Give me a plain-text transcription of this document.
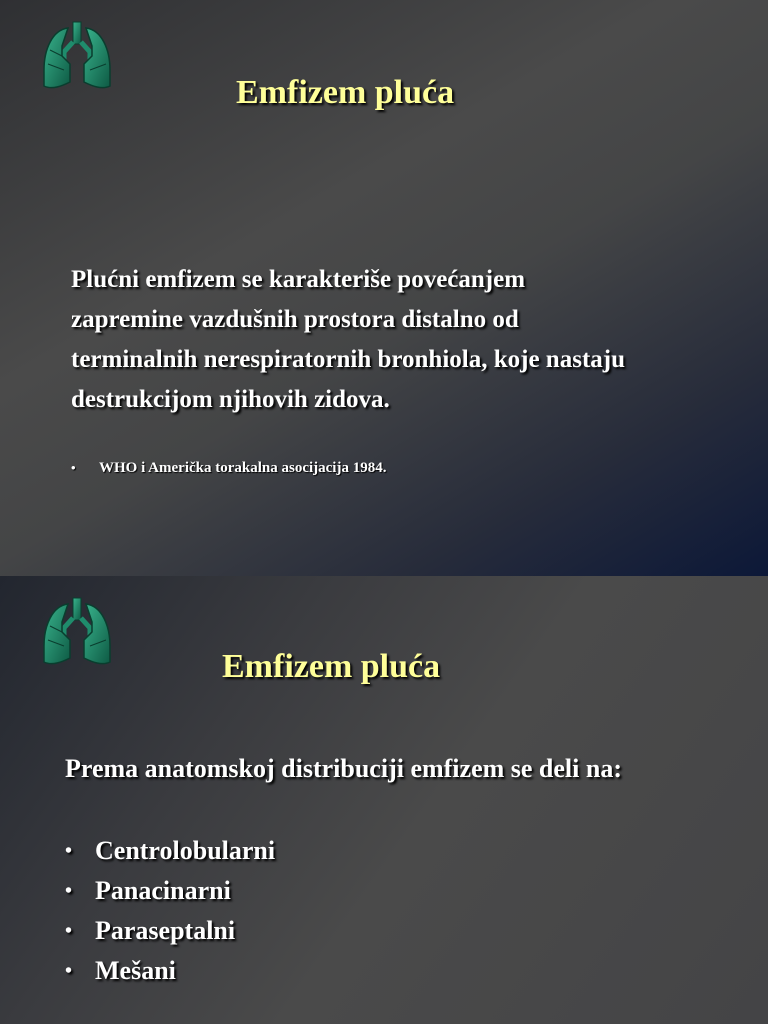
Emfizem pluća
Plućni emfizem se karakteriše povećanjem
zapremine vazdušnih prostora distalno od
terminalnih nerespiratornih bronhiola, koje nastaju
destrukcijom njihovih zidova.
• WHO i Američka torakalna asocijacija 1984.
Emfizem pluća
Prema anatomskoj distribuciji emfizem se deli na:
• Centrolobularni
• Panacinarni
• Paraseptalni
• Mešani
